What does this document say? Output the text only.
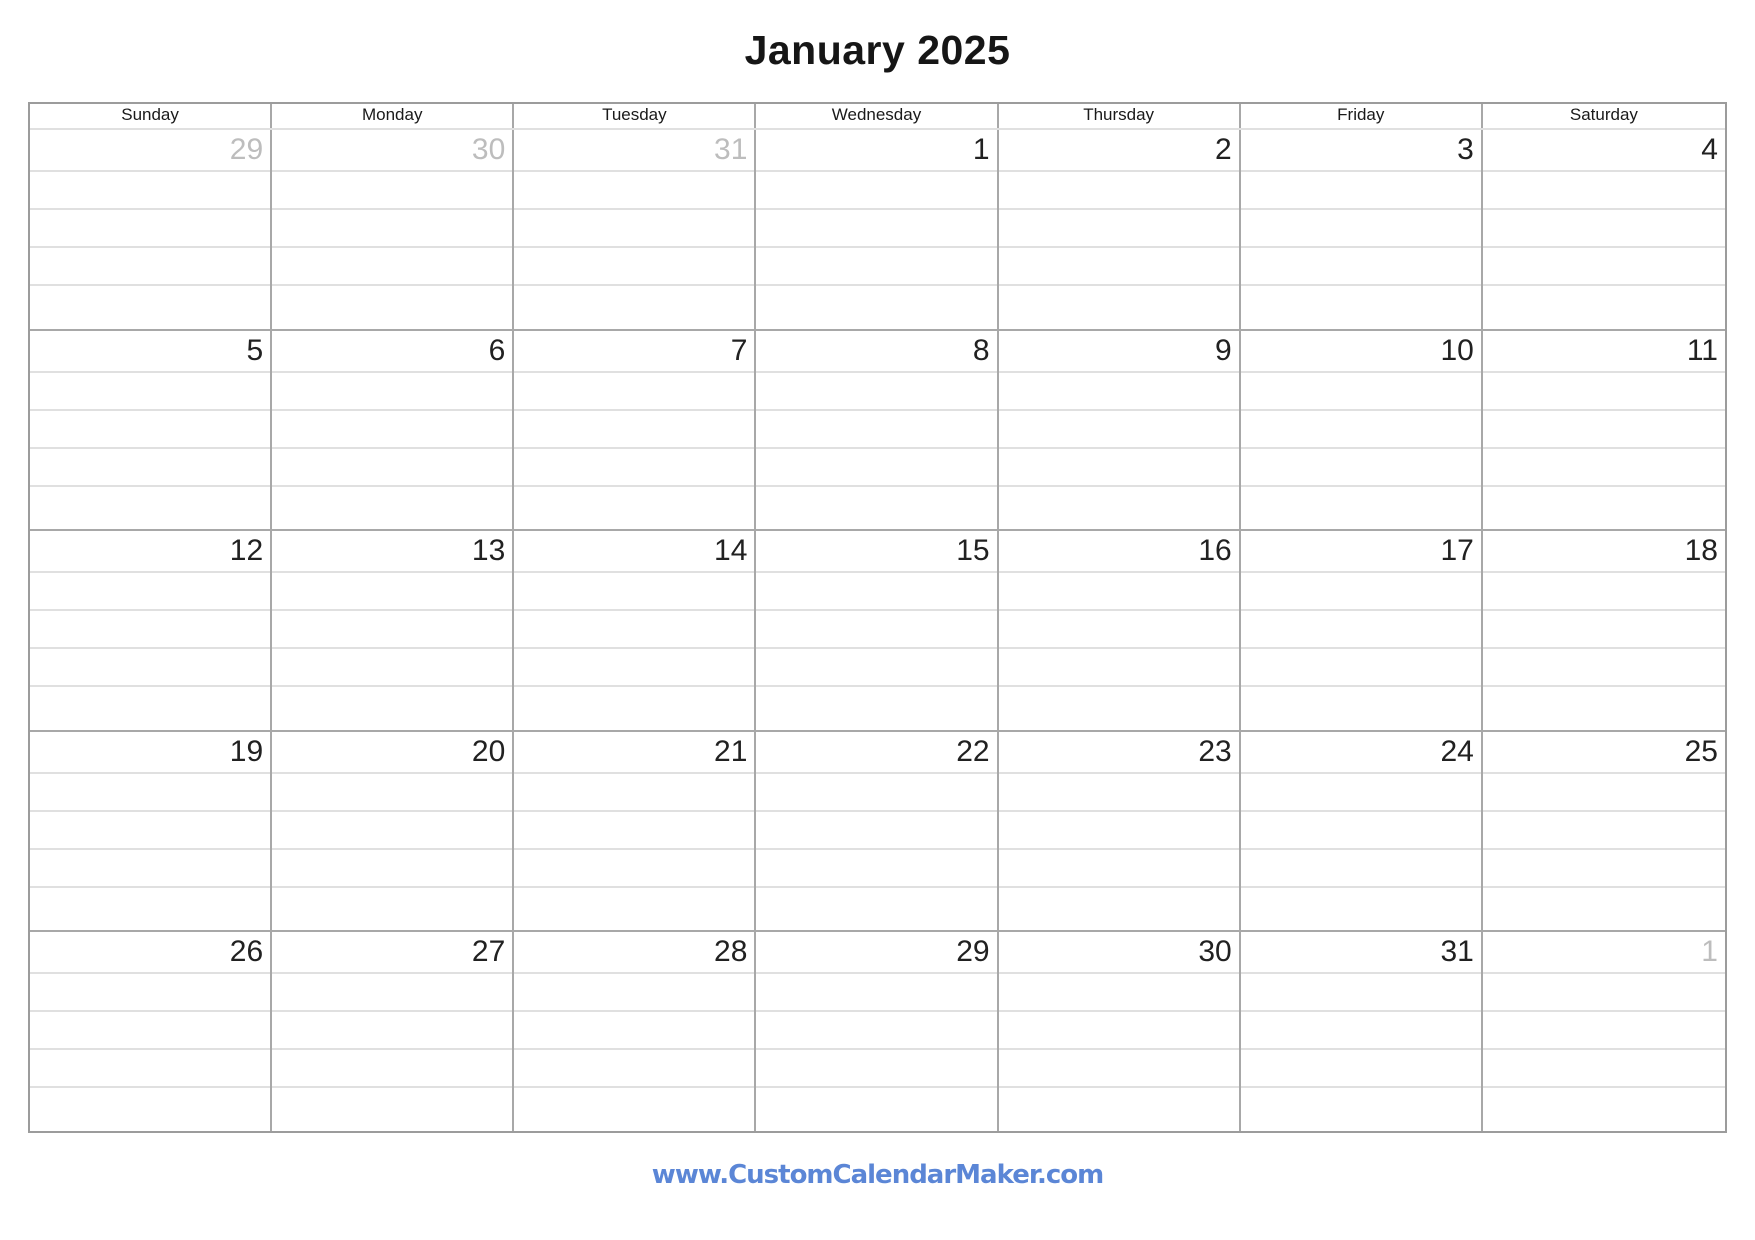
January 2025
Sunday	Monday	Tuesday	Wednesday	Thursday	Friday	Saturday
29	30	31	1	2	3	4
5	6	7	8	9	10	11
12	13	14	15	16	17	18
19	20	21	22	23	24	25
26	27	28	29	30	31	1
www.CustomCalendarMaker.com
